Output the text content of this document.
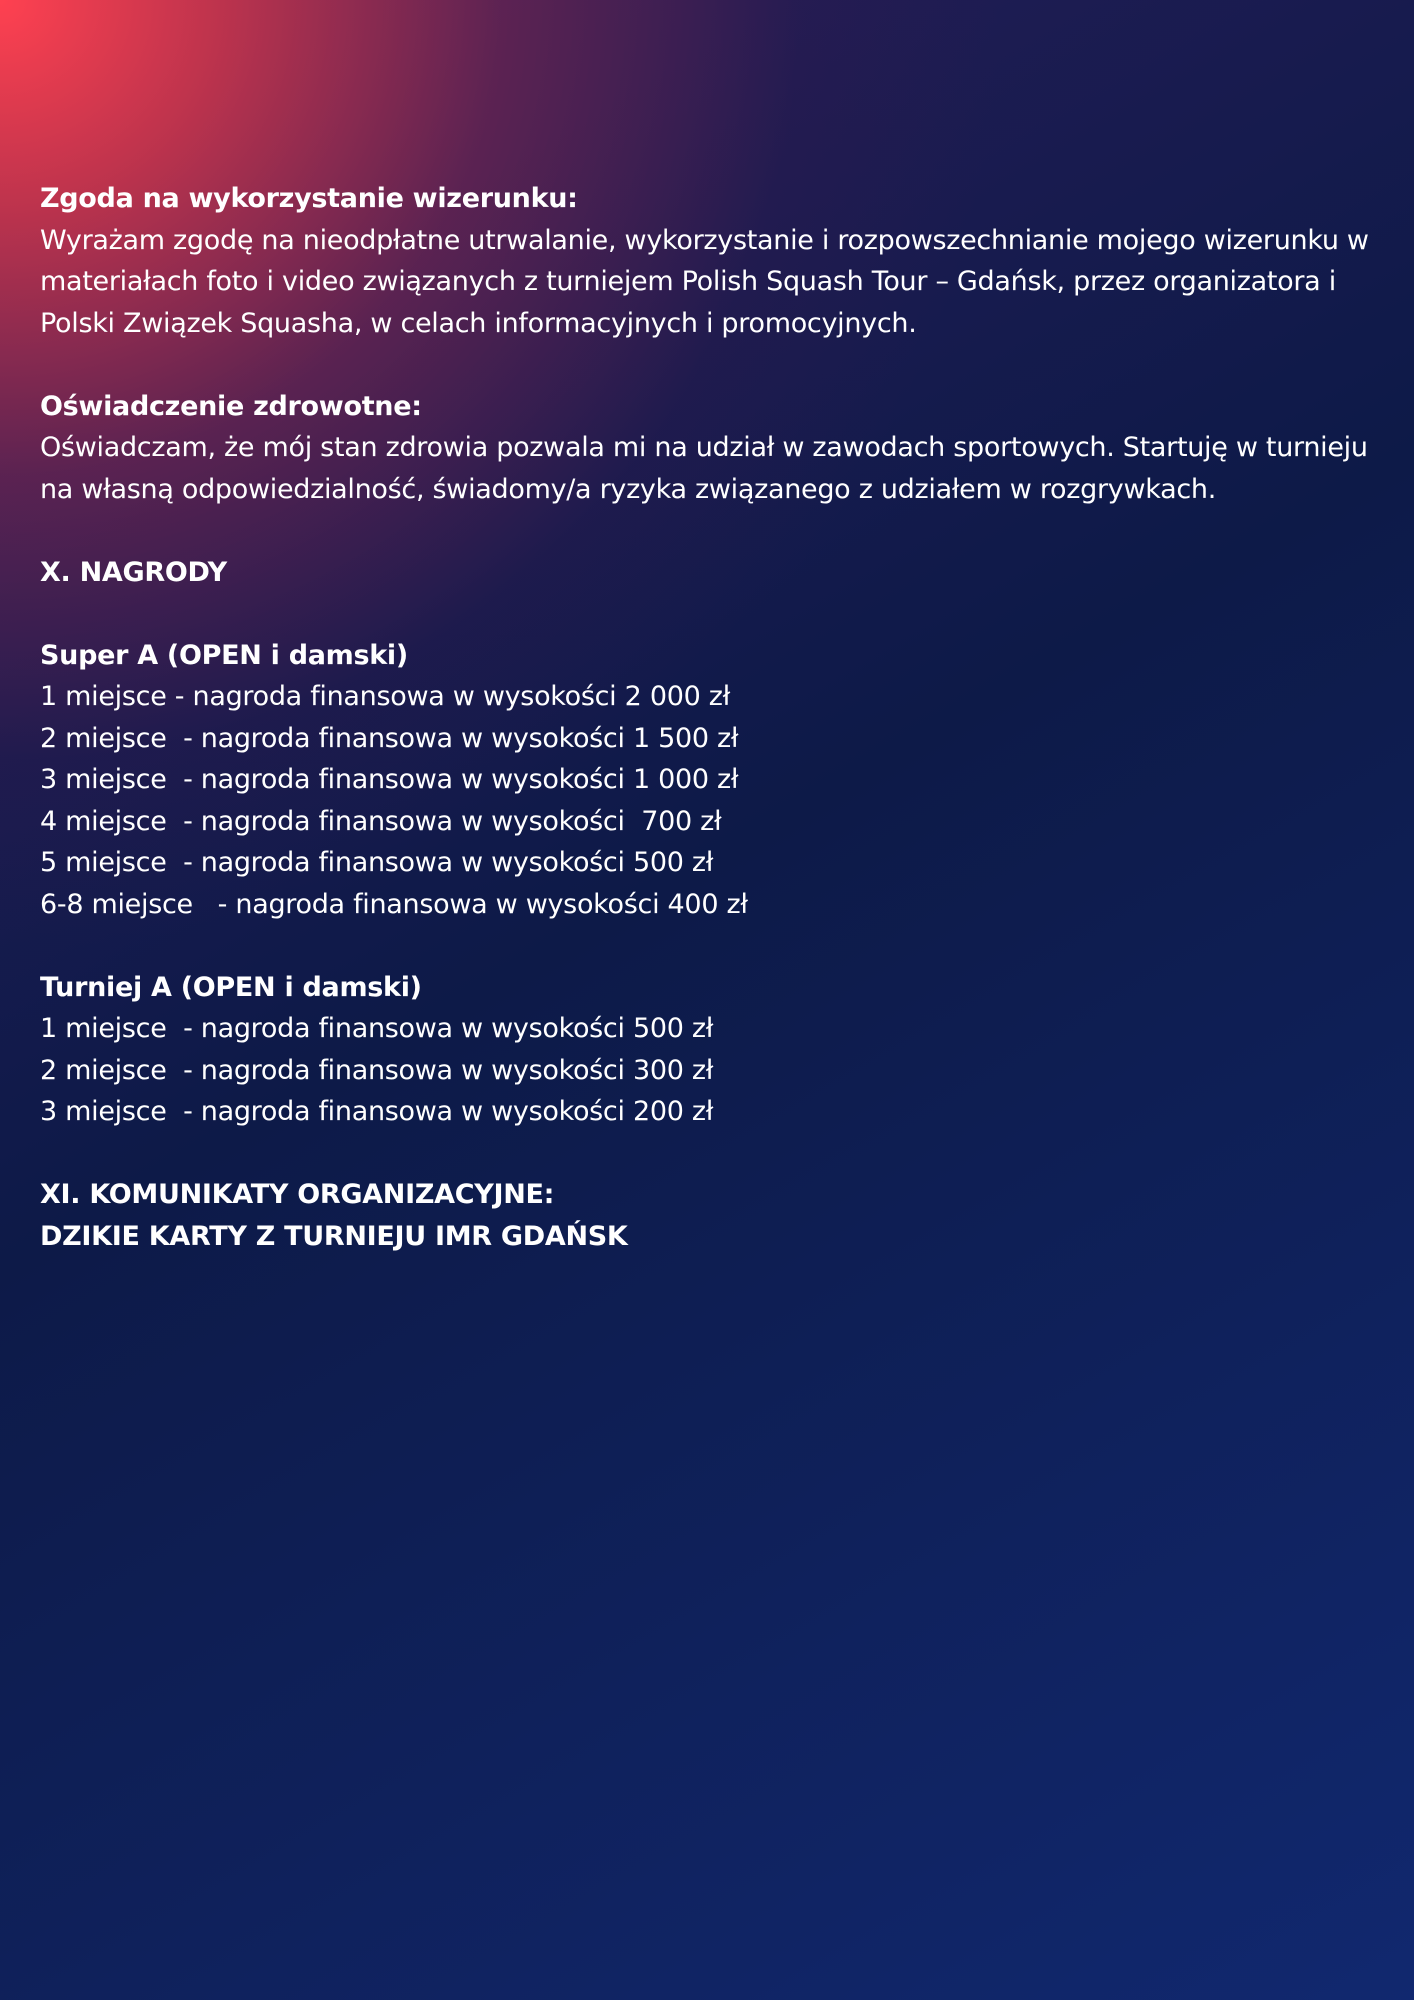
Zgoda na wykorzystanie wizerunku:

Wyrażam zgodę na nieodpłatne utrwalanie, wykorzystanie i rozpowszechnianie mojego wizerunku w materiałach foto i video związanych z turniejem Polish Squash Tour – Gdańsk, przez organizatora i Polski Związek Squasha, w celach informacyjnych i promocyjnych.

Oświadczenie zdrowotne:

Oświadczam, że mój stan zdrowia pozwala mi na udział w zawodach sportowych. Startuję w turnieju na własną odpowiedzialność, świadomy/a ryzyka związanego z udziałem w rozgrywkach.

X. NAGRODY

Super A (OPEN i damski)

1 miejsce - nagroda finansowa w wysokości 2 000 zł

2 miejsce  - nagroda finansowa w wysokości 1 500 zł

3 miejsce  - nagroda finansowa w wysokości 1 000 zł

4 miejsce  - nagroda finansowa w wysokości  700 zł

5 miejsce  - nagroda finansowa w wysokości 500 zł

6-8 miejsce   - nagroda finansowa w wysokości 400 zł

Turniej A (OPEN i damski)

1 miejsce  - nagroda finansowa w wysokości 500 zł

2 miejsce  - nagroda finansowa w wysokości 300 zł

3 miejsce  - nagroda finansowa w wysokości 200 zł

XI. KOMUNIKATY ORGANIZACYJNE:

DZIKIE KARTY Z TURNIEJU IMR GDAŃSK
